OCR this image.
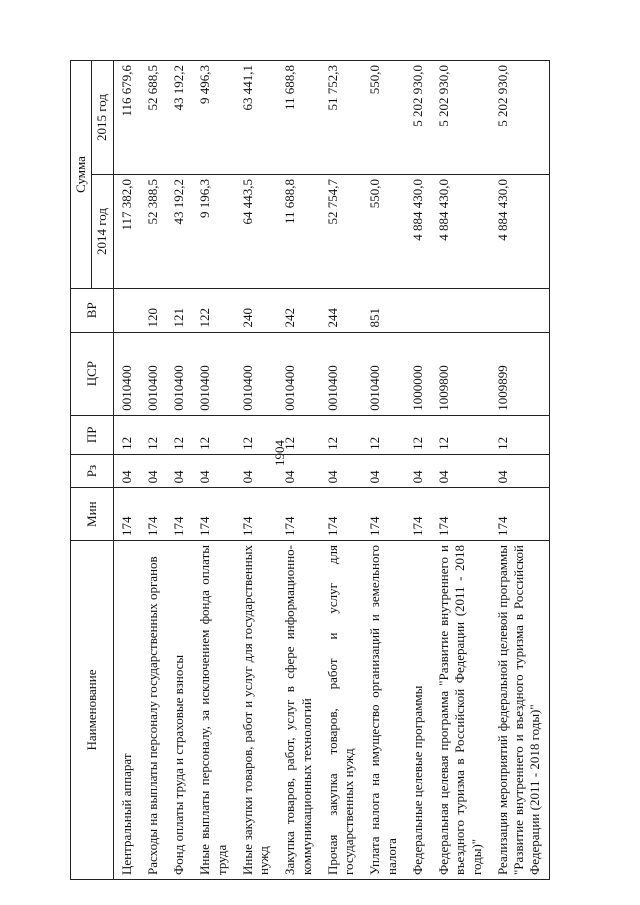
1904
Наименование	Мин	Рз	ПР	ЦСР	ВР	Сумма	
						2014 год	2015 год
Центральный аппарат	174	04	12	0010400		117 382,0	116 679,6
Расходы на выплаты персоналу государственных органов	174	04	12	0010400	120	52 388,5	52 688,5
Фонд оплаты труда и страховые взносы	174	04	12	0010400	121	43 192,2	43 192,2
Иные выплаты персоналу, за исключением фонда оплаты труда	174	04	12	0010400	122	9 196,3	9 496,3
Иные закупки товаров, работ и услуг для государственных нужд	174	04	12	0010400	240	64 443,5	63 441,1
Закупка товаров, работ, услуг в сфере информационно-коммуникационных технологий	174	04	12	0010400	242	11 688,8	11 688,8
Прочая закупка товаров, работ и услуг для государственных нужд	174	04	12	0010400	244	52 754,7	51 752,3
Уплата налога на имущество организаций и земельного налога	174	04	12	0010400	851	550,0	550,0
Федеральные целевые программы	174	04	12	1000000		4 884 430,0	5 202 930,0
Федеральная целевая программа "Развитие внутреннего и въездного туризма в Российской Федерации (2011 - 2018 годы)"	174	04	12	1009800		4 884 430,0	5 202 930,0
Реализация мероприятий федеральной целевой программы "Развитие внутреннего и въездного туризма в Российской Федерации (2011 - 2018 годы)"	174	04	12	1009899		4 884 430,0	5 202 930,0
